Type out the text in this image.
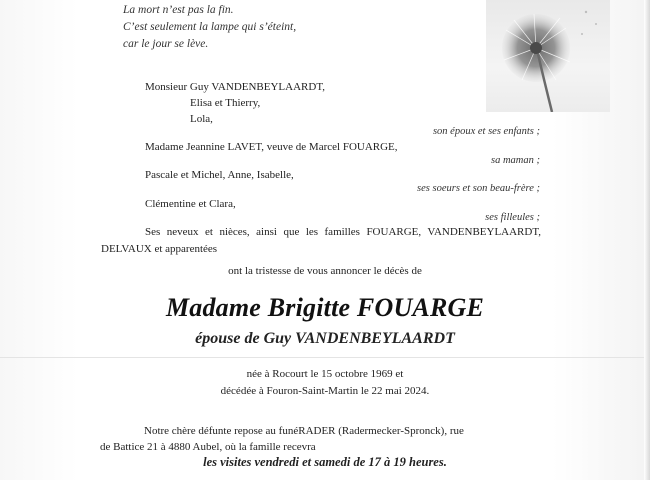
La mort n’est pas la fin.
C’est seulement la lampe qui s’éteint,
car le jour se lève.
Monsieur Guy VANDENBEYLAARDT,
Elisa et Thierry,
Lola,
son époux et ses enfants ;
Madame Jeannine LAVET, veuve de Marcel FOUARGE,
sa maman ;
Pascale et Michel, Anne, Isabelle,
ses soeurs et son beau-frère ;
Clémentine et Clara,
ses filleules ;
Ses neveux et nièces, ainsi que les familles FOUARGE, VANDENBEYLAARDT, DELVAUX et apparentées
ont la tristesse de vous annoncer le décès de
Madame Brigitte FOUARGE
épouse de Guy VANDENBEYLAARDT
née à Rocourt le 15 octobre 1969 et
décédée à Fouron-Saint-Martin le 22 mai 2024.
Notre chère défunte repose au funéRADER (Radermecker-Spronck), rue
de Battice 21 à 4880 Aubel, où la famille recevra
les visites vendredi et samedi de 17 à 19 heures.
